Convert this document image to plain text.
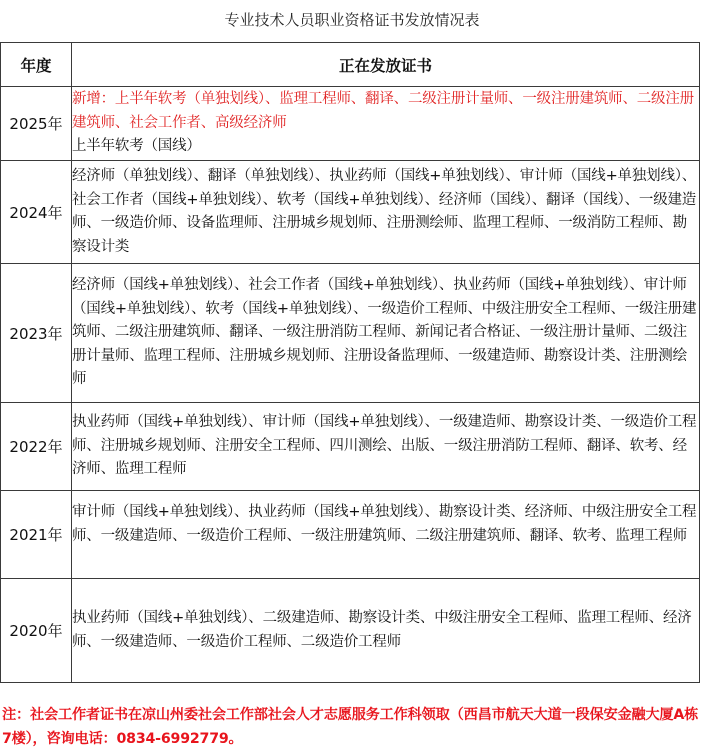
专业技术人员职业资格证书发放情况表
年度	正在发放证书
2025年	新增：上半年软考（单独划线）、监理工程师、翻译、二级注册计量师、一级注册建筑师、二级注册建筑师、社会工作者、高级经济师
上半年软考（国线）
2024年	经济师（单独划线）、翻译（单独划线）、执业药师（国线+单独划线）、审计师（国线+单独划线）、社会工作者（国线+单独划线）、软考（国线+单独划线）、经济师（国线）、翻译（国线）、一级建造师、一级造价师、设备监理师、注册城乡规划师、注册测绘师、监理工程师、一级消防工程师、勘察设计类
2023年	经济师（国线+单独划线）、社会工作者（国线+单独划线）、执业药师（国线+单独划线）、审计师（国线+单独划线）、软考（国线+单独划线）、一级造价工程师、中级注册安全工程师、一级注册建筑师、二级注册建筑师、翻译、一级注册消防工程师、新闻记者合格证、一级注册计量师、二级注册计量师、监理工程师、注册城乡规划师、注册设备监理师、一级建造师、勘察设计类、注册测绘师
2022年	执业药师（国线+单独划线）、审计师（国线+单独划线）、一级建造师、勘察设计类、一级造价工程师、注册城乡规划师、注册安全工程师、四川测绘、出版、一级注册消防工程师、翻译、软考、经济师、监理工程师
2021年	审计师（国线+单独划线）、执业药师（国线+单独划线）、勘察设计类、经济师、中级注册安全工程师、一级建造师、一级造价工程师、一级注册建筑师、二级注册建筑师、翻译、软考、监理工程师
2020年	执业药师（国线+单独划线）、二级建造师、勘察设计类、中级注册安全工程师、监理工程师、经济师、一级建造师、一级造价工程师、二级造价工程师
注：社会工作者证书在凉山州委社会工作部社会人才志愿服务工作科领取（西昌市航天大道一段保安金融大厦A栋7楼），咨询电话：0834-6992779。
